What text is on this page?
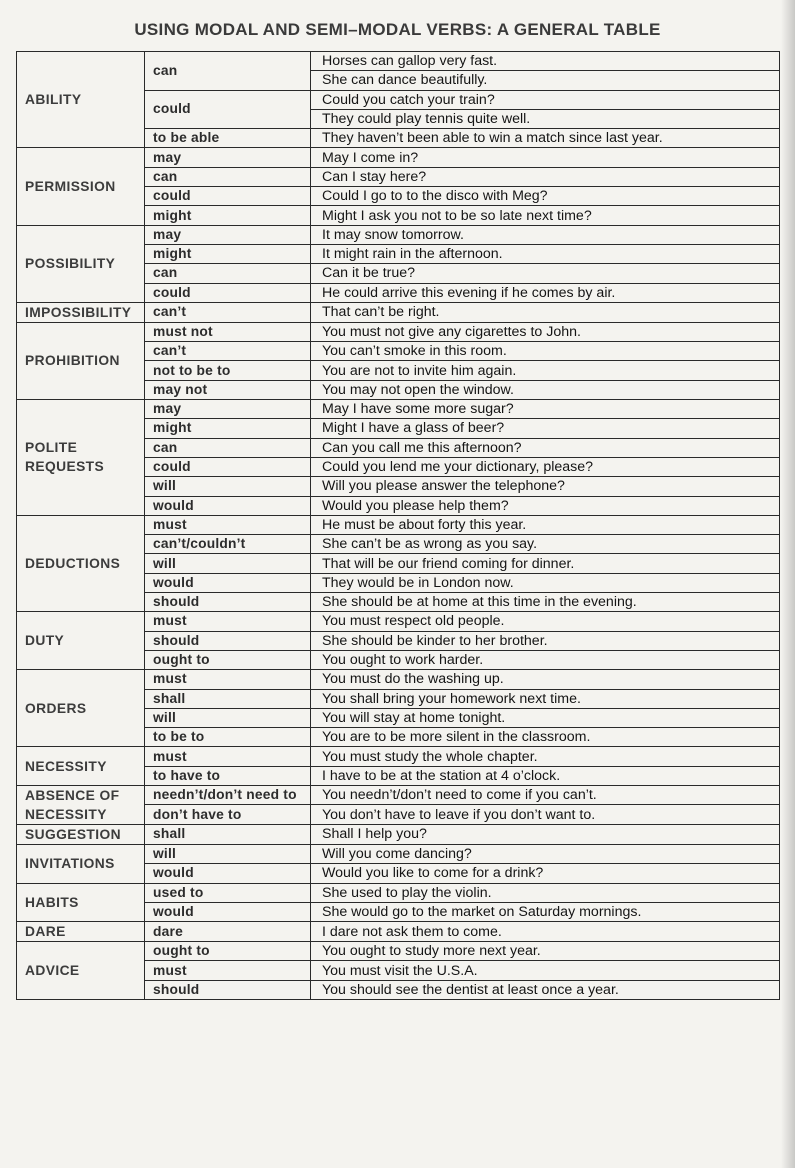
USING MODAL AND SEMI–MODAL VERBS: A GENERAL TABLE
ABILITY	can	Horses can gallop very fast.
		She can dance beautifully.
	could	Could you catch your train?
		They could play tennis quite well.
	to be able	They haven’t been able to win a match since last year.
PERMISSION	may	May I come in?
	can	Can I stay here?
	could	Could I go to to the disco with Meg?
	might	Might I ask you not to be so late next time?
POSSIBILITY	may	It may snow tomorrow.
	might	It might rain in the afternoon.
	can	Can it be true?
	could	He could arrive this evening if he comes by air.
IMPOSSIBILITY	can’t	That can’t be right.
PROHIBITION	must not	You must not give any cigarettes to John.
	can’t	You can’t smoke in this room.
	not to be to	You are not to invite him again.
	may not	You may not open the window.
POLITE REQUESTS	may	May I have some more sugar?
	might	Might I have a glass of beer?
	can	Can you call me this afternoon?
	could	Could you lend me your dictionary, please?
	will	Will you please answer the telephone?
	would	Would you please help them?
DEDUCTIONS	must	He must be about forty this year.
	can’t/couldn’t	She can’t be as wrong as you say.
	will	That will be our friend coming for dinner.
	would	They would be in London now.
	should	She should be at home at this time in the evening.
DUTY	must	You must respect old people.
	should	She should be kinder to her brother.
	ought to	You ought to work harder.
ORDERS	must	You must do the washing up.
	shall	You shall bring your homework next time.
	will	You will stay at home tonight.
	to be to	You are to be more silent in the classroom.
NECESSITY	must	You must study the whole chapter.
	to have to	I have to be at the station at 4 o’clock.
ABSENCE OF NECESSITY	needn’t/don’t need to	You needn’t/don’t need to come if you can’t.
	don’t have to	You don’t have to leave if you don’t want to.
SUGGESTION	shall	Shall I help you?
INVITATIONS	will	Will you come dancing?
	would	Would you like to come for a drink?
HABITS	used to	She used to play the violin.
	would	She would go to the market on Saturday mornings.
DARE	dare	I dare not ask them to come.
ADVICE	ought to	You ought to study more next year.
	must	You must visit the U.S.A.
	should	You should see the dentist at least once a year.
